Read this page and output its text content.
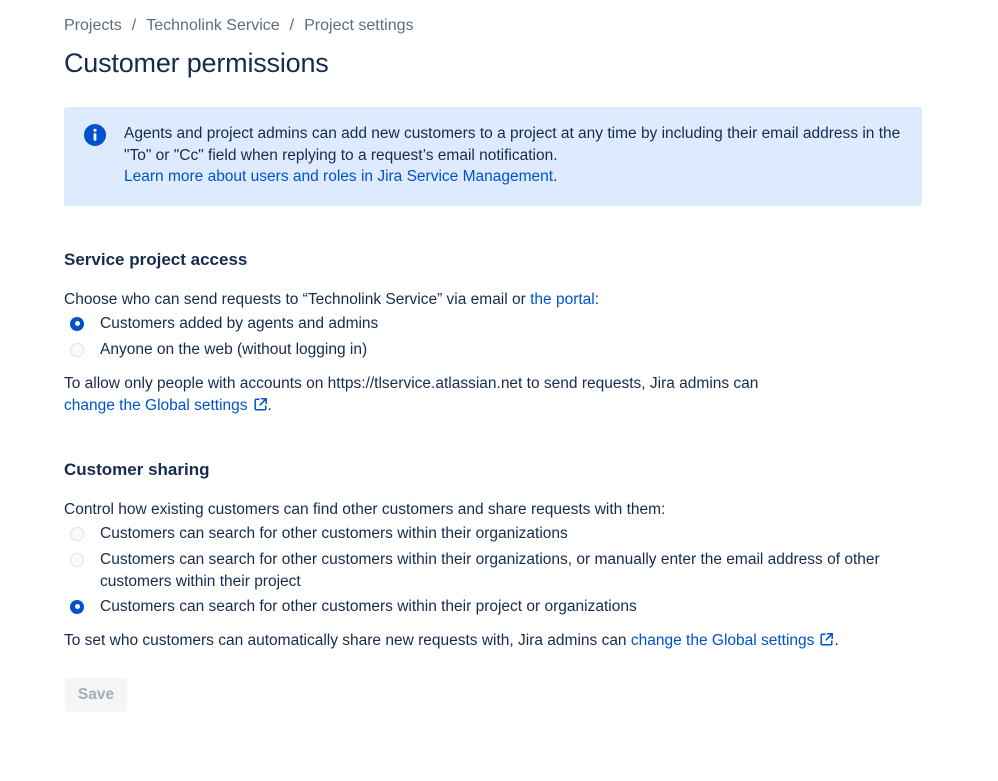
Projects / Technolink Service / Project settings
Customer permissions

Agents and project admins can add new customers to a project at any time by including their email address in the "To" or "Cc" field when replying to a request’s email notification.
Learn more about users and roles in Jira Service Management.

Service project access

Choose who can send requests to “Technolink Service” via email or the portal:

Customers added by agents and admins
Anyone on the web (without logging in)

To allow only people with accounts on https://tlservice.atlassian.net to send requests, Jira admins can
change the Global settings .

Customer sharing

Control how existing customers can find other customers and share requests with them:

Customers can search for other customers within their organizations
Customers can search for other customers within their organizations, or manually enter the email address of other customers within their project
Customers can search for other customers within their project or organizations

To set who customers can automatically share new requests with, Jira admins can change the Global settings .

Save
